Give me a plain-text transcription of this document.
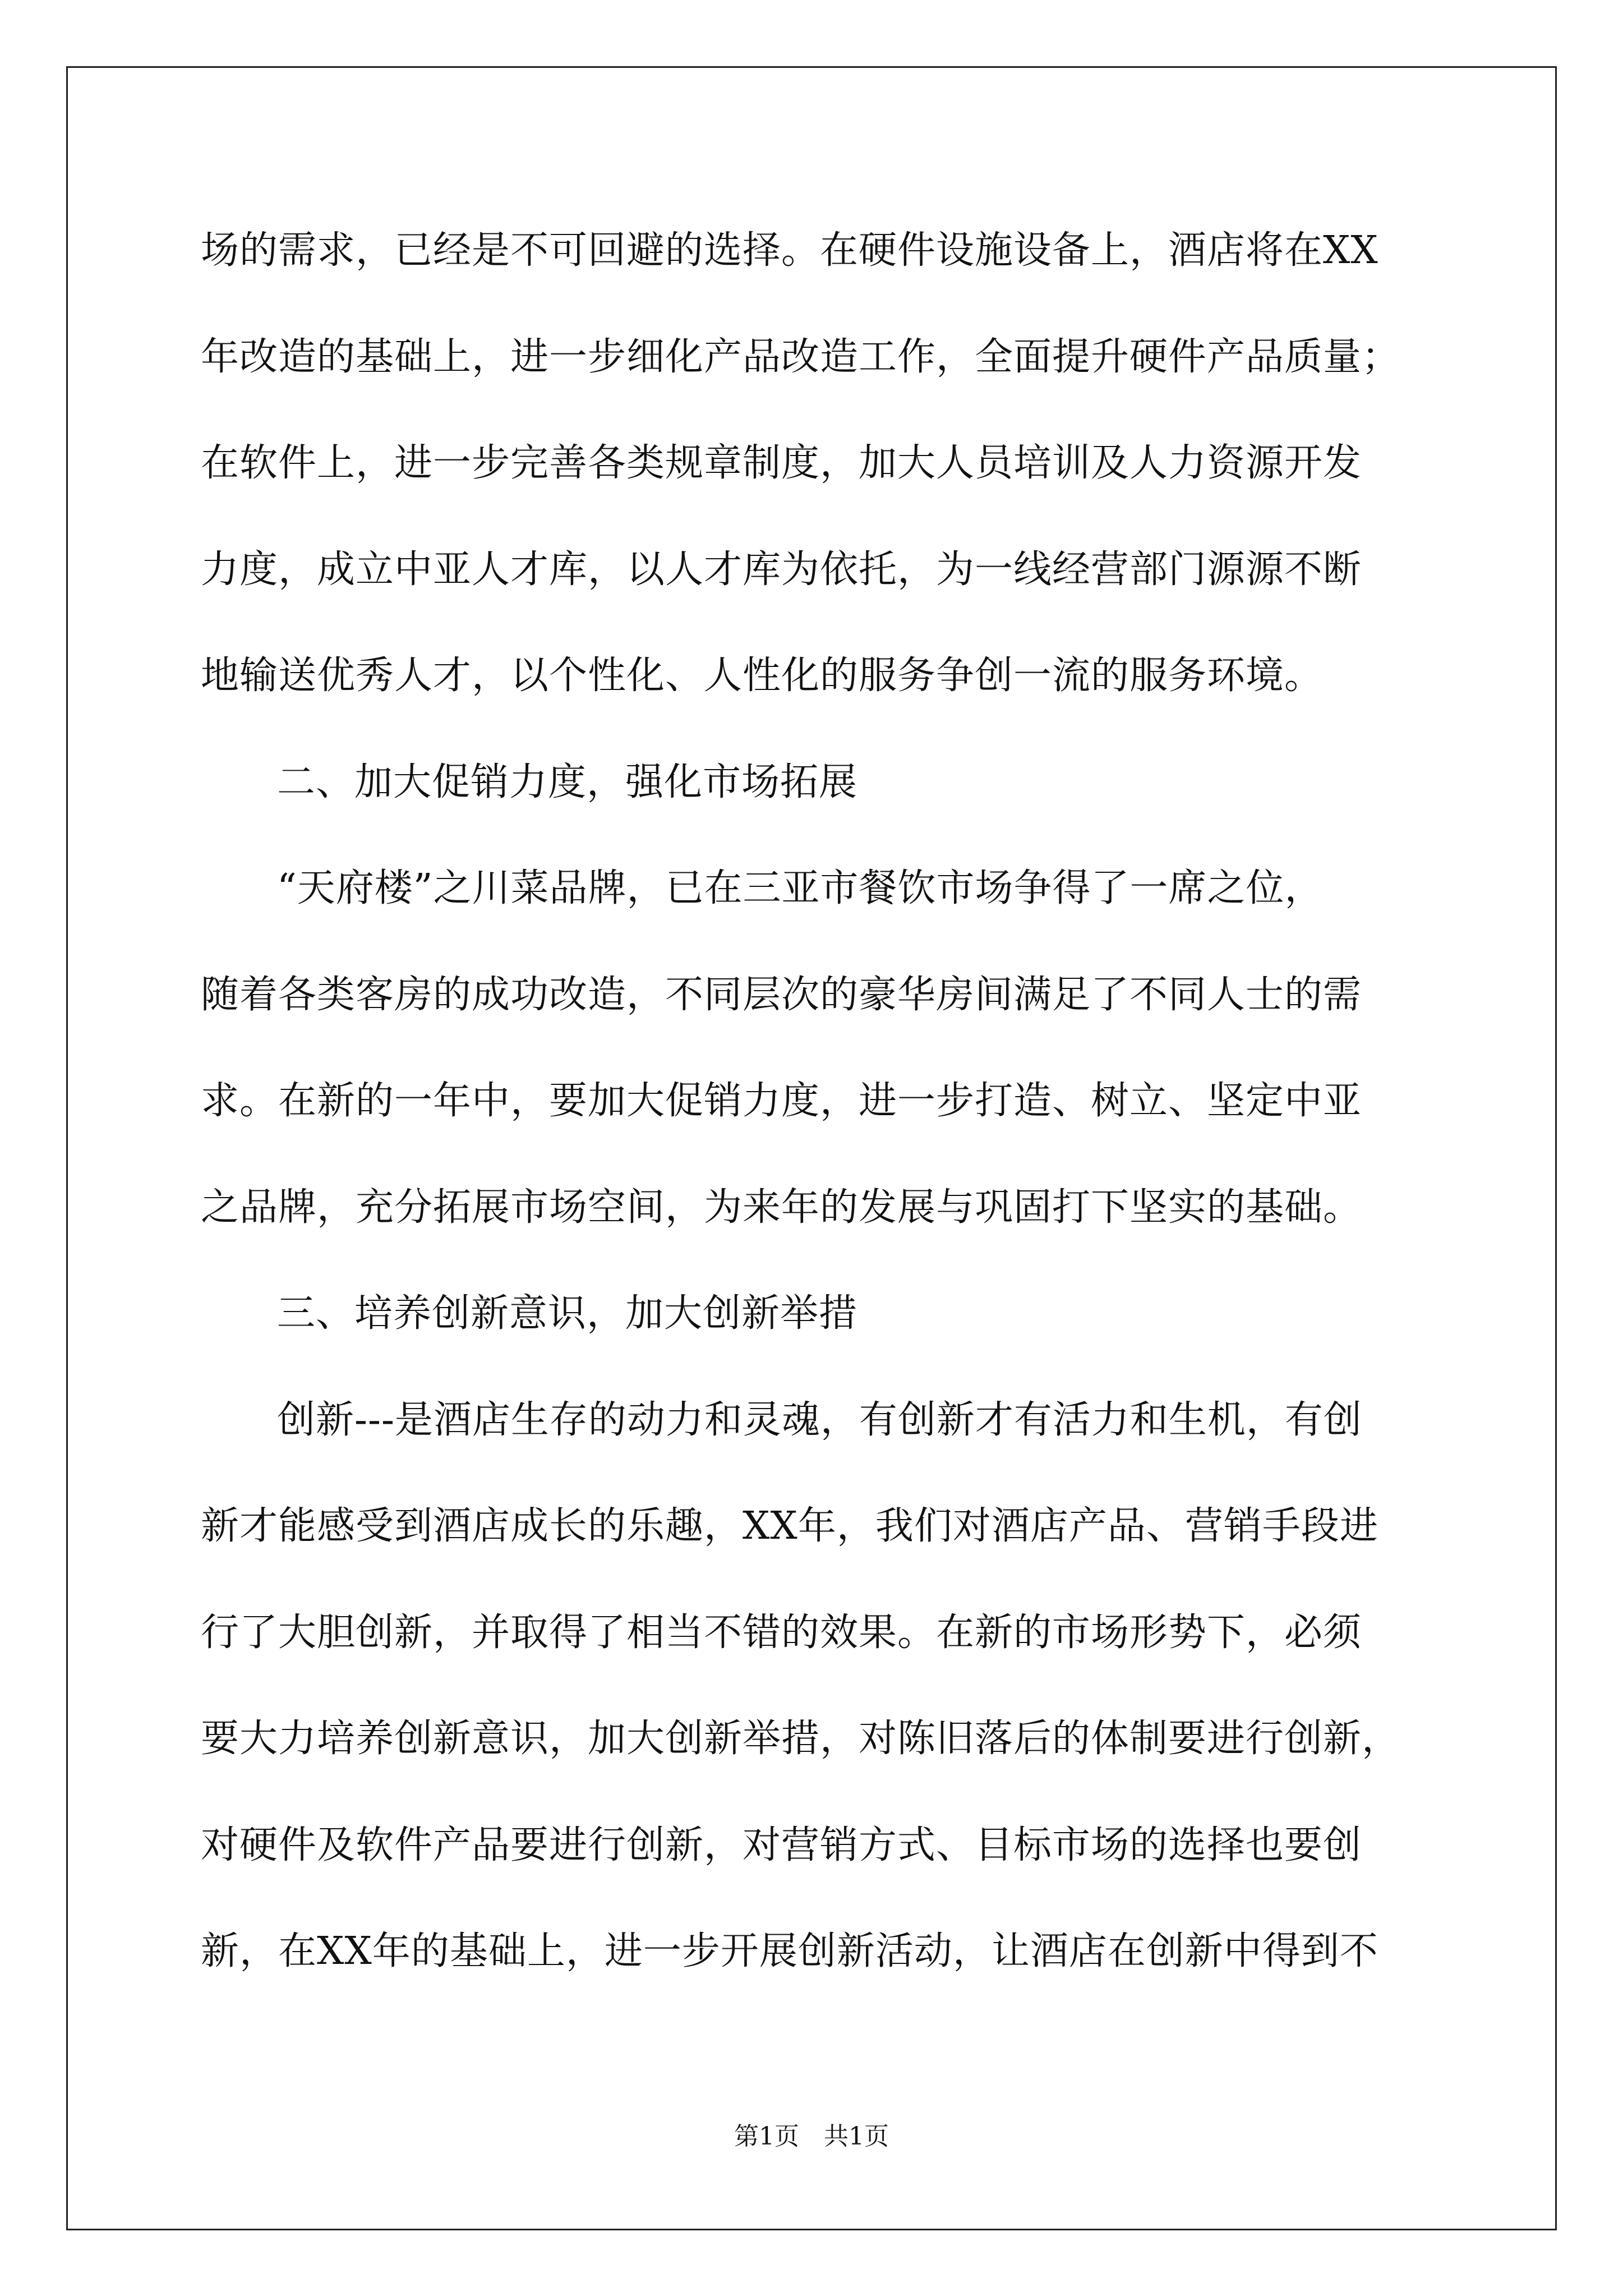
场的需求，已经是不可回避的选择。在硬件设施设备上，酒店将在XX
年改造的基础上，进一步细化产品改造工作，全面提升硬件产品质量；
在软件上，进一步完善各类规章制度，加大人员培训及人力资源开发
力度，成立中亚人才库，以人才库为依托，为一线经营部门源源不断
地输送优秀人才，以个性化、人性化的服务争创一流的服务环境。
二、加大促销力度，强化市场拓展
“天府楼”之川菜品牌，已在三亚市餐饮市场争得了一席之位，
随着各类客房的成功改造，不同层次的豪华房间满足了不同人士的需
求。在新的一年中，要加大促销力度，进一步打造、树立、坚定中亚
之品牌，充分拓展市场空间，为来年的发展与巩固打下坚实的基础。
三、培养创新意识，加大创新举措
创新---是酒店生存的动力和灵魂，有创新才有活力和生机，有创
新才能感受到酒店成长的乐趣，XX年，我们对酒店产品、营销手段进
行了大胆创新，并取得了相当不错的效果。在新的市场形势下，必须
要大力培养创新意识，加大创新举措，对陈旧落后的体制要进行创新，
对硬件及软件产品要进行创新，对营销方式、目标市场的选择也要创
新，在XX年的基础上，进一步开展创新活动，让酒店在创新中得到不
第1页　共1页
